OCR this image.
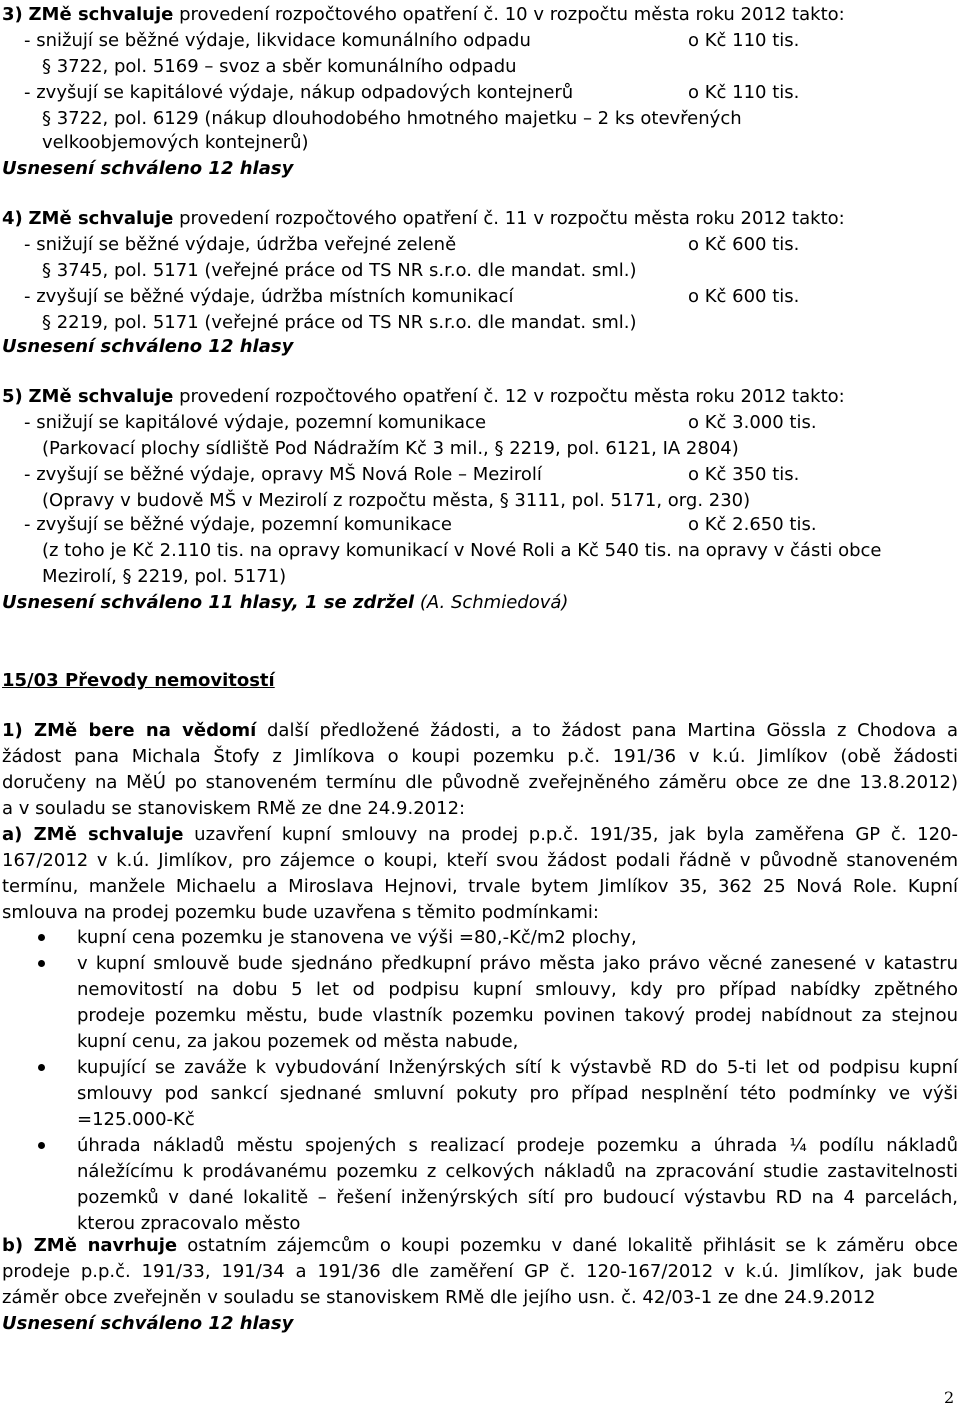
3) ZMě schvaluje provedení rozpočtového opatření č. 10 v rozpočtu města roku 2012 takto:
- snižují se běžné výdaje, likvidace komunálního odpadu	o Kč 110 tis.
§ 3722, pol. 5169 – svoz a sběr komunálního odpadu
- zvyšují se kapitálové výdaje, nákup odpadových kontejnerů	o Kč 110 tis.
§ 3722, pol. 6129 (nákup dlouhodobého hmotného majetku – 2 ks otevřených
velkoobjemových kontejnerů)
Usnesení schváleno 12 hlasy
4) ZMě schvaluje provedení rozpočtového opatření č. 11 v rozpočtu města roku 2012 takto:
- snižují se běžné výdaje, údržba veřejné zeleně	o Kč 600 tis.
§ 3745, pol. 5171 (veřejné práce od TS NR s.r.o. dle mandat. sml.)
- zvyšují se běžné výdaje, údržba místních komunikací	o Kč 600 tis.
§ 2219, pol. 5171 (veřejné práce od TS NR s.r.o. dle mandat. sml.)
Usnesení schváleno 12 hlasy
5) ZMě schvaluje provedení rozpočtového opatření č. 12 v rozpočtu města roku 2012 takto:
- snižují se kapitálové výdaje, pozemní komunikace	o Kč 3.000 tis.
(Parkovací plochy sídliště Pod Nádražím Kč 3 mil., § 2219, pol. 6121, IA 2804)
- zvyšují se běžné výdaje, opravy MŠ Nová Role – Mezirolí	o Kč 350 tis.
(Opravy v budově MŠ v Mezirolí z rozpočtu města, § 3111, pol. 5171, org. 230)
- zvyšují se běžné výdaje, pozemní komunikace	o Kč 2.650 tis.
(z toho je Kč 2.110 tis. na opravy komunikací v Nové Roli a Kč 540 tis. na opravy v části obce
Mezirolí, § 2219, pol. 5171)
Usnesení schváleno 11 hlasy, 1 se zdržel (A. Schmiedová)
15/03 Převody nemovitostí
1) ZMě bere na vědomí další předložené žádosti, a to žádost pana Martina Gössla z Chodova a
žádost pana Michala Štofy z Jimlíkova o koupi pozemku p.č. 191/36 v k.ú. Jimlíkov (obě žádosti
doručeny na MěÚ po stanoveném termínu dle původně zveřejněného záměru obce ze dne 13.8.2012)
a v souladu se stanoviskem RMě ze dne 24.9.2012:
a) ZMě schvaluje uzavření kupní smlouvy na prodej p.p.č. 191/35, jak byla zaměřena GP č. 120-
167/2012 v k.ú. Jimlíkov, pro zájemce o koupi, kteří svou žádost podali řádně v původně stanoveném
termínu, manžele Michaelu a Miroslava Hejnovi, trvale bytem Jimlíkov 35, 362 25 Nová Role. Kupní
smlouva na prodej pozemku bude uzavřena s těmito podmínkami:
kupní cena pozemku je stanovena ve výši =80,-Kč/m2 plochy,
v kupní smlouvě bude sjednáno předkupní právo města jako právo věcné zanesené v katastru
nemovitostí na dobu 5 let od podpisu kupní smlouvy, kdy pro případ nabídky zpětného
prodeje pozemku městu, bude vlastník pozemku povinen takový prodej nabídnout za stejnou
kupní cenu, za jakou pozemek od města nabude,
kupující se zaváže k vybudování Inženýrských sítí k výstavbě RD do 5-ti let od podpisu kupní
smlouvy pod sankcí sjednané smluvní pokuty pro případ nesplnění této podmínky ve výši
=125.000-Kč
úhrada nákladů městu spojených s realizací prodeje pozemku a úhrada ¼ podílu nákladů
náležícímu k prodávanému pozemku z celkových nákladů na zpracování studie zastavitelnosti
pozemků v dané lokalitě – řešení inženýrských sítí pro budoucí výstavbu RD na 4 parcelách,
kterou zpracovalo město
b) ZMě navrhuje ostatním zájemcům o koupi pozemku v dané lokalitě přihlásit se k záměru obce
prodeje p.p.č. 191/33, 191/34 a 191/36 dle zaměření GP č. 120-167/2012 v k.ú. Jimlíkov, jak bude
záměr obce zveřejněn v souladu se stanoviskem RMě dle jejího usn. č. 42/03-1 ze dne 24.9.2012
Usnesení schváleno 12 hlasy
2
